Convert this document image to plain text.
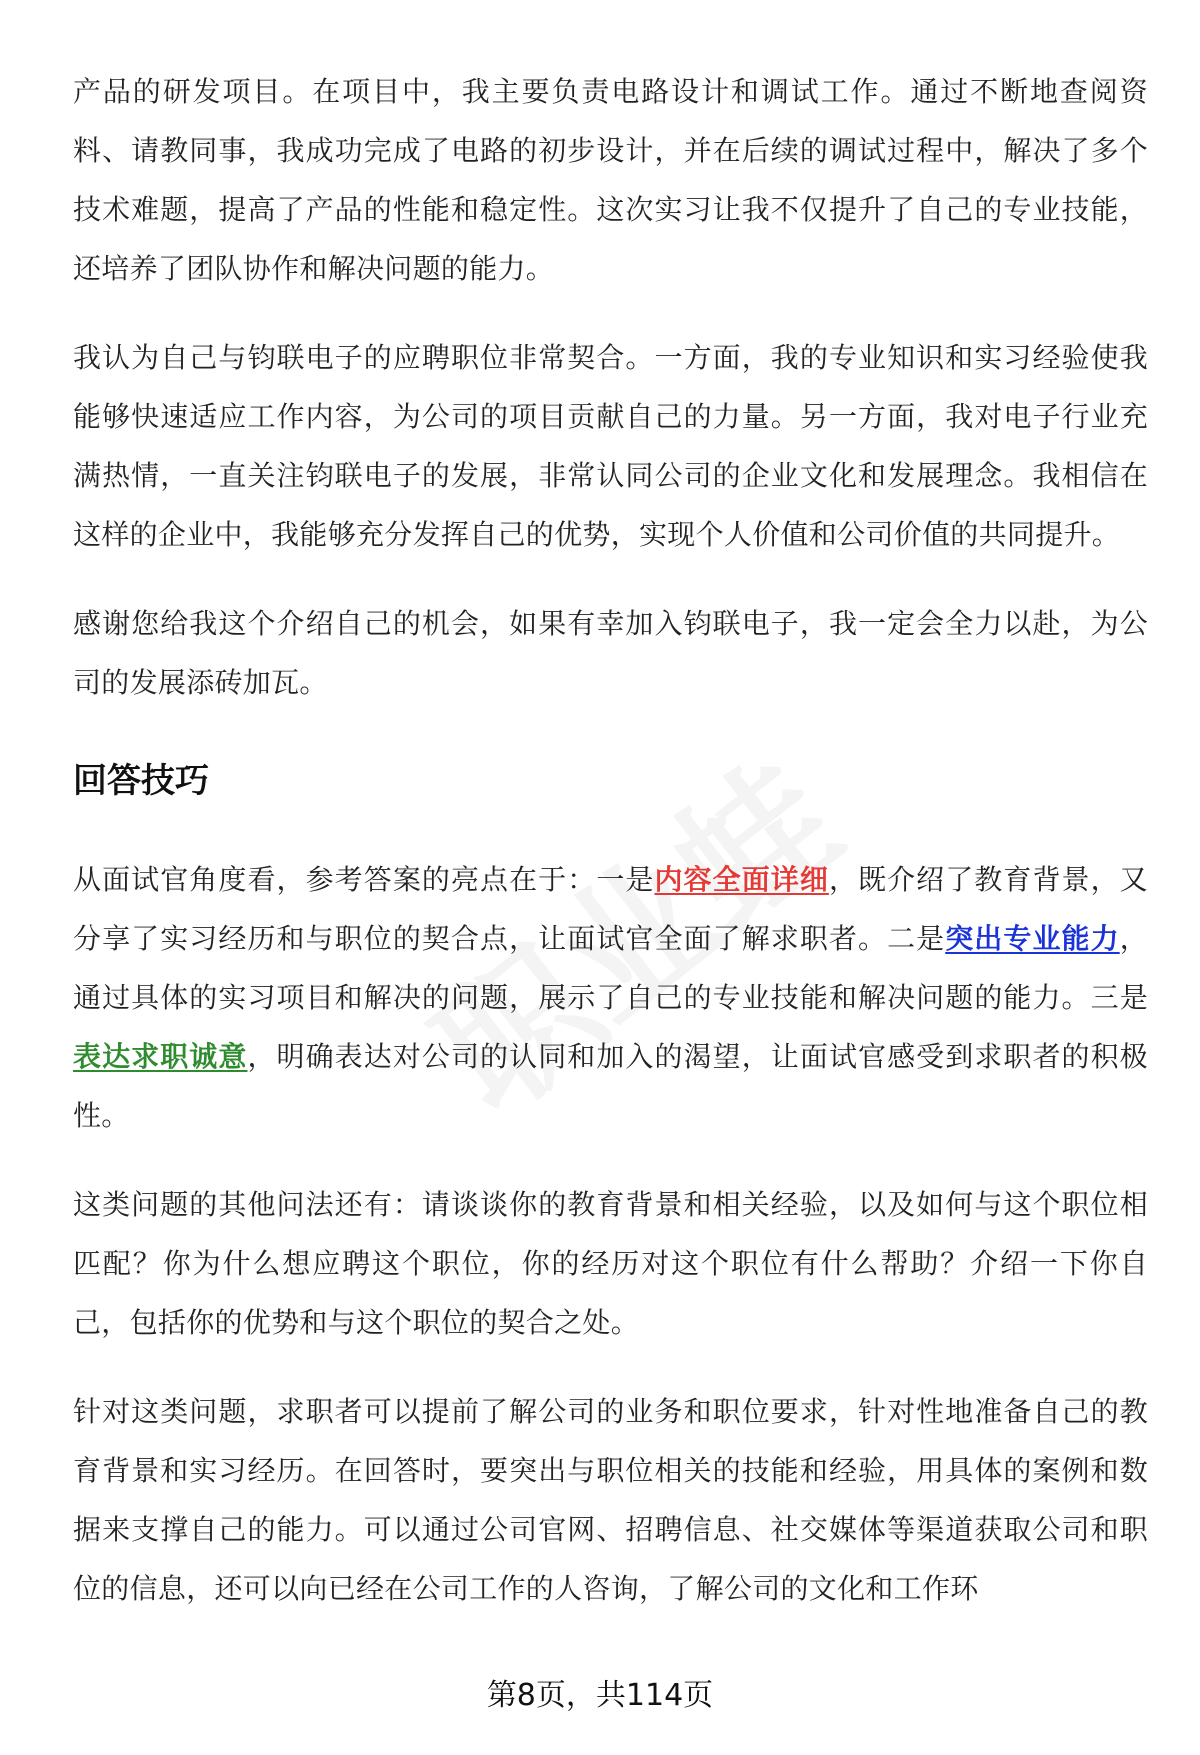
产品的研发项目。在项目中，我主要负责电路设计和调试工作。通过不断地查阅资料、请教同事，我成功完成了电路的初步设计，并在后续的调试过程中，解决了多个技术难题，提高了产品的性能和稳定性。这次实习让我不仅提升了自己的专业技能，还培养了团队协作和解决问题的能力。

我认为自己与钧联电子的应聘职位非常契合。一方面，我的专业知识和实习经验使我能够快速适应工作内容，为公司的项目贡献自己的力量。另一方面，我对电子行业充满热情，一直关注钧联电子的发展，非常认同公司的企业文化和发展理念。我相信在这样的企业中，我能够充分发挥自己的优势，实现个人价值和公司价值的共同提升。

感谢您给我这个介绍自己的机会，如果有幸加入钧联电子，我一定会全力以赴，为公司的发展添砖加瓦。

回答技巧

从面试官角度看，参考答案的亮点在于：一是内容全面详细，既介绍了教育背景，又分享了实习经历和与职位的契合点，让面试官全面了解求职者。二是突出专业能力，通过具体的实习项目和解决的问题，展示了自己的专业技能和解决问题的能力。三是表达求职诚意，明确表达对公司的认同和加入的渴望，让面试官感受到求职者的积极性。

这类问题的其他问法还有：请谈谈你的教育背景和相关经验，以及如何与这个职位相匹配？你为什么想应聘这个职位，你的经历对这个职位有什么帮助？介绍一下你自己，包括你的优势和与这个职位的契合之处。

针对这类问题，求职者可以提前了解公司的业务和职位要求，针对性地准备自己的教育背景和实习经历。在回答时，要突出与职位相关的技能和经验，用具体的案例和数据来支撑自己的能力。可以通过公司官网、招聘信息、社交媒体等渠道获取公司和职位的信息，还可以向已经在公司工作的人咨询，了解公司的文化和工作环

第8页，共114页
